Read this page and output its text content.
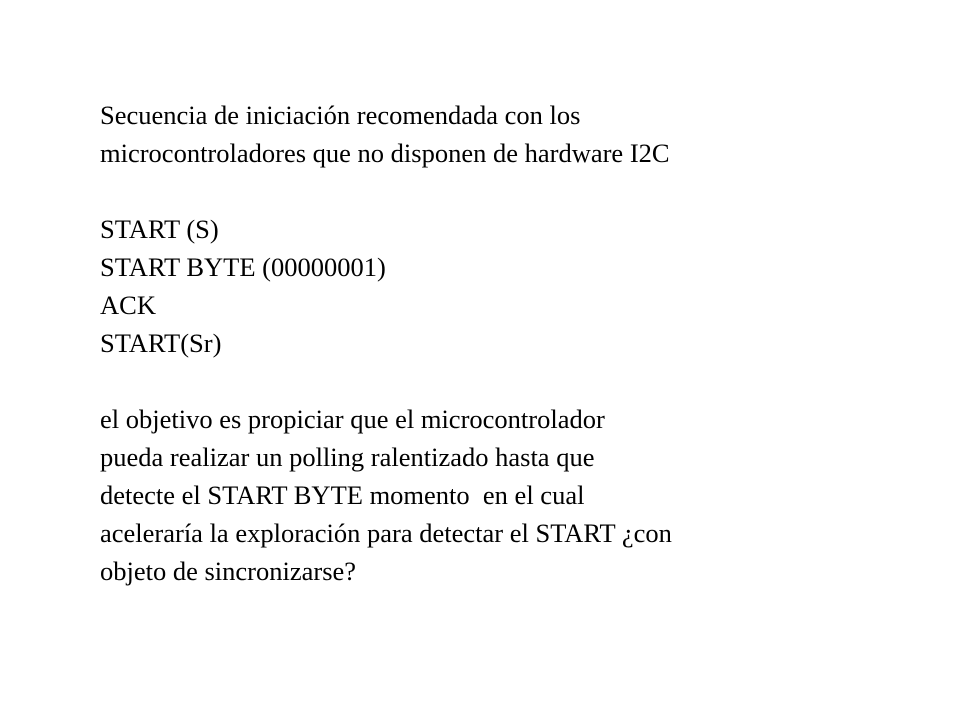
Secuencia de iniciación recomendada con los
microcontroladores que no disponen de hardware I2C
START (S)
START BYTE (00000001)
ACK
START(Sr)
el objetivo es propiciar que el microcontrolador
pueda realizar un polling ralentizado hasta que
detecte el START BYTE momento  en el cual
aceleraría la exploración para detectar el START ¿con
objeto de sincronizarse?
